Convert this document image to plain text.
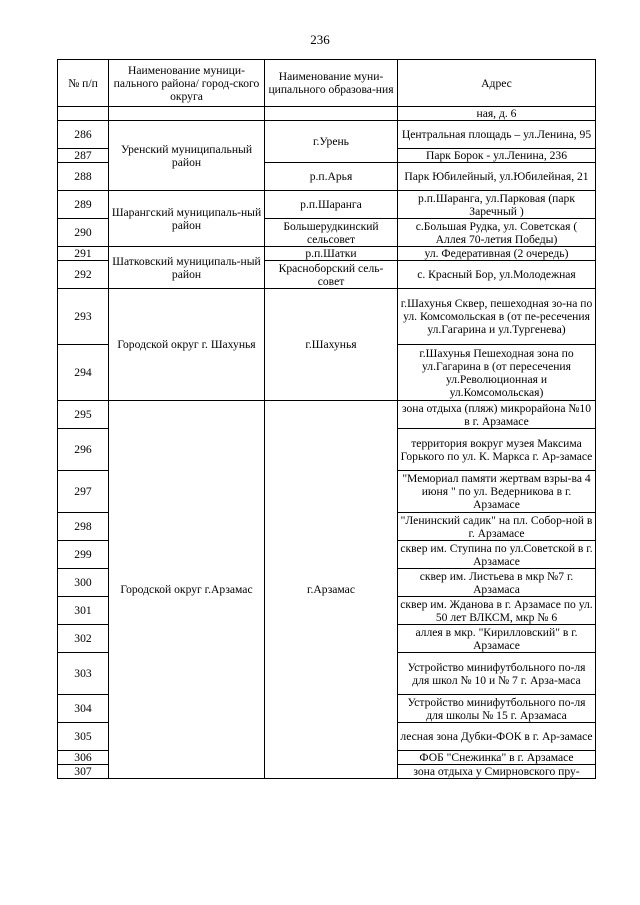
236
№ п/п	Наименование муници-пального района/ город-ского округа	Наименование муни-ципального образова-ния	Адрес
			ная, д. 6
286	Уренский муниципальный район	г.Урень	Центральная площадь – ул.Ленина, 95
287			Парк Борок - ул.Ленина, 236
288		р.п.Арья	Парк Юбилейный, ул.Юбилейная, 21
289	Шарангский муниципаль-ный район	р.п.Шаранга	р.п.Шаранга, ул.Парковая (парк Заречный )
290		Большерудкинский сельсовет	с.Большая Рудка, ул. Советская ( Аллея 70-летия Победы)
291	Шатковский муниципаль-ный район	р.п.Шатки	ул. Федеративная (2 очередь)
292		Красноборский сель-совет	с. Красный Бор, ул.Молодежная
293	Городской округ г. Шахунья	г.Шахунья	г.Шахунья Сквер, пешеходная зо-на по ул. Комсомольская в (от пе-ресечения ул.Гагарина и ул.Тургенева)
294			г.Шахунья Пешеходная зона по ул.Гагарина в (от пересечения ул.Революционная и ул.Комсомольская)
295	Городской округ г.Арзамас	г.Арзамас	зона отдыха (пляж) микрорайона №10 в г. Арзамасе
296			территория вокруг музея Максима Горького по ул. К. Маркса г. Ар-замасе
297			"Мемориал памяти жертвам взры-ва 4 июня " по ул. Ведерникова в г. Арзамасе
298			"Ленинский садик" на пл. Собор-ной в г. Арзамасе
299			сквер им. Ступина по ул.Советской в г. Арзамасе
300			сквер им. Листьева в мкр №7 г. Арзамаса
301			сквер им. Жданова в г. Арзамасе по ул. 50 лет ВЛКСМ, мкр № 6
302			аллея в мкр. "Кирилловский" в г. Арзамасе
303			Устройство минифутбольного по-ля для школ № 10 и № 7 г. Арза-маса
304			Устройство минифутбольного по-ля для школы № 15 г. Арзамаса
305			лесная зона Дубки-ФОК в г. Ар-замасе
306			ФОБ "Снежинка" в г. Арзамасе
307			зона отдыха у Смирновского пру-
